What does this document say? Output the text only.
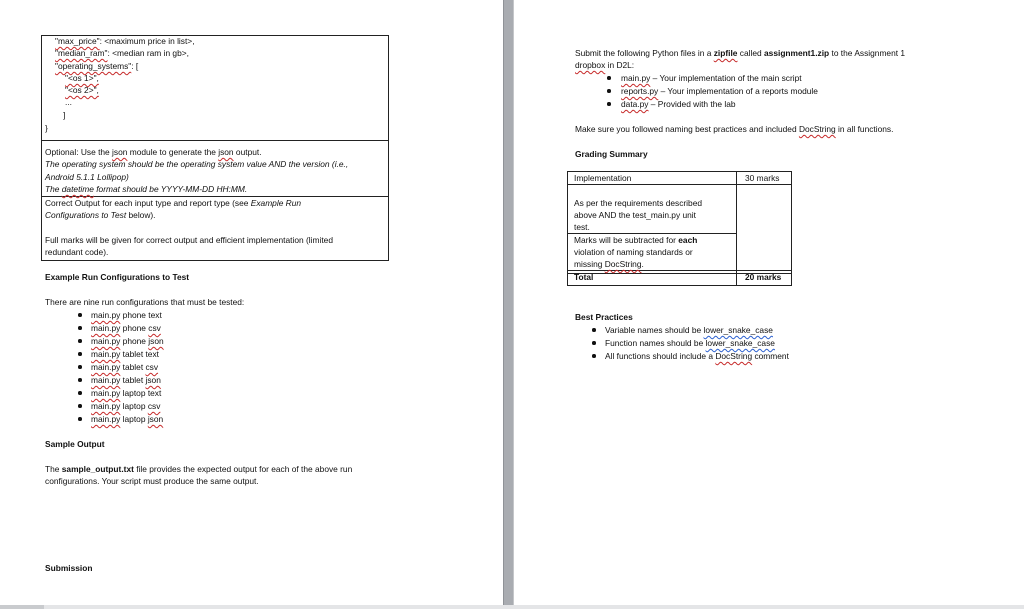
"max_price": <maximum price in list>,
"median_ram": <median ram in gb>,
"operating_systems": [
"<os 1>",
"<os 2>",
...
]
}
Optional: Use the json module to generate the json output.
The operating system should be the operating system value AND the version (i.e.,
Android 5.1.1 Lollipop)
The datetime format should be YYYY-MM-DD HH:MM.
Correct Output for each input type and report type (see Example Run
Configurations to Test below).
Full marks will be given for correct output and efficient implementation (limited
redundant code).
Example Run Configurations to Test
There are nine run configurations that must be tested:
main.py phone text
main.py phone csv
main.py phone json
main.py tablet text
main.py tablet csv
main.py tablet json
main.py laptop text
main.py laptop csv
main.py laptop json
Sample Output
The sample_output.txt file provides the expected output for each of the above run
configurations. Your script must produce the same output.
Submission
Submit the following Python files in a zipfile called assignment1.zip to the Assignment 1
dropbox in D2L:
main.py – Your implementation of the main script
reports.py – Your implementation of a reports module
data.py – Provided with the lab
Make sure you followed naming best practices and included DocString in all functions.
Grading Summary
Implementation	30 marks
As per the requirements described
above AND the test_main.py unit
test.
Marks will be subtracted for each
violation of naming standards or
missing DocString.
Total	20 marks
Best Practices
Variable names should be lower_snake_case
Function names should be lower_snake_case
All functions should include a DocString comment
